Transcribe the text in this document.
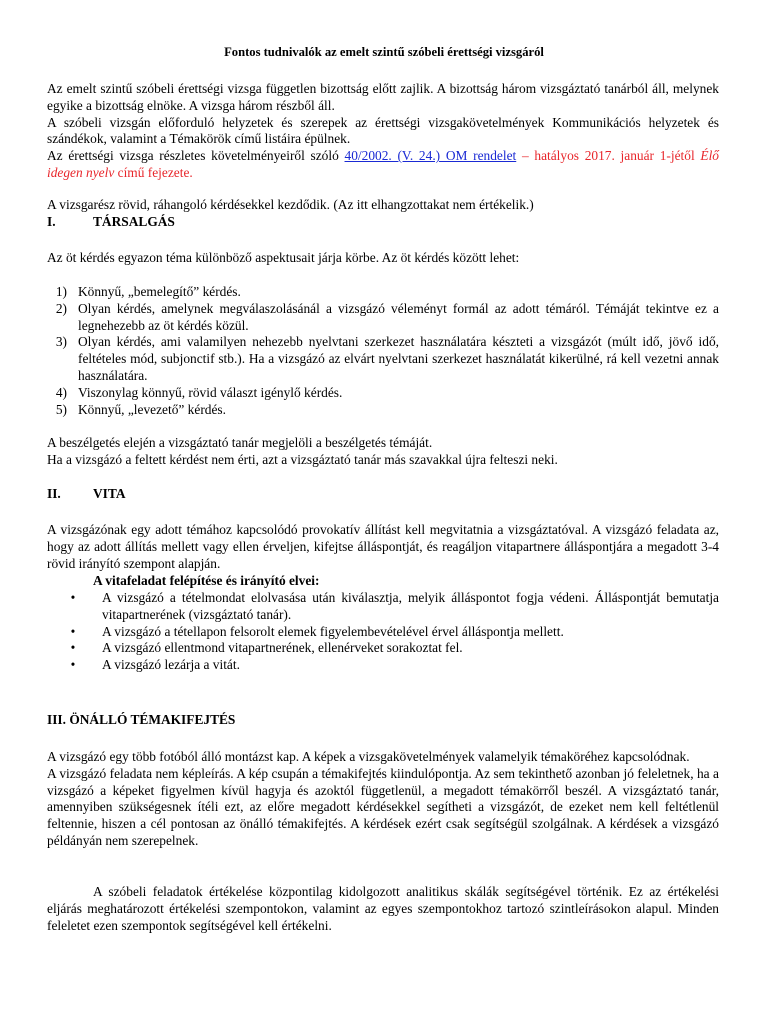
Fontos tudnivalók az emelt szintű szóbeli érettségi vizsgáról

Az emelt szintű szóbeli érettségi vizsga független bizottság előtt zajlik. A bizottság három vizsgáztató tanárból áll, melynek egyike a bizottság elnöke. A vizsga három részből áll.

A szóbeli vizsgán előforduló helyzetek és szerepek az érettségi vizsgakövetelmények Kommunikációs helyzetek és szándékok, valamint a Témakörök című listáira épülnek.

Az érettségi vizsga részletes követelményeiről szóló 40/2002. (V. 24.) OM rendelet – hatályos 2017. január 1-jétől Élő idegen nyelv című fejezete.

A vizsgarész rövid, ráhangoló kérdésekkel kezdődik. (Az itt elhangzottakat nem értékelik.)
I.	TÁRSALGÁS
Az öt kérdés egyazon téma különböző aspektusait járja körbe. Az öt kérdés között lehet:
1) Könnyű, „bemelegítő” kérdés.
2) Olyan kérdés, amelynek megválaszolásánál a vizsgázó véleményt formál az adott témáról. Témáját tekintve ez a legnehezebb az öt kérdés közül.
3) Olyan kérdés, ami valamilyen nehezebb nyelvtani szerkezet használatára készteti a vizsgázót (múlt idő, jövő idő, feltételes mód, subjonctif stb.). Ha a vizsgázó az elvárt nyelvtani szerkezet használatát kikerülné, rá kell vezetni annak használatára.
4) Viszonylag könnyű, rövid választ igénylő kérdés.
5) Könnyű, „levezető” kérdés.
A beszélgetés elején a vizsgáztató tanár megjelöli a beszélgetés témáját.
Ha a vizsgázó a feltett kérdést nem érti, azt a vizsgáztató tanár más szavakkal újra felteszi neki.
II. VITA
A vizsgázónak egy adott témához kapcsolódó provokatív állítást kell megvitatnia a vizsgáztatóval. A vizsgázó feladata az, hogy az adott állítás mellett vagy ellen érveljen, kifejtse álláspontját, és reagáljon vitapartnere álláspontjára a megadott 3-4 rövid irányító szempont alapján.
A vitafeladat felépítése és irányító elvei:
•	A vizsgázó a tételmondat elolvasása után kiválasztja, melyik álláspontot fogja védeni. Álláspontját bemutatja vitapartnerének (vizsgáztató tanár).
•	A vizsgázó a tétellapon felsorolt elemek figyelembevételével érvel álláspontja mellett.
•	A vizsgázó ellentmond vitapartnerének, ellenérveket sorakoztat fel.
•	A vizsgázó lezárja a vitát.
III. ÖNÁLLÓ TÉMAKIFEJTÉS

A vizsgázó egy több fotóból álló montázst kap. A képek a vizsgakövetelmények valamelyik témaköréhez kapcsolódnak.

A vizsgázó feladata nem képleírás. A kép csupán a témakifejtés kiindulópontja. Az sem tekinthető azonban jó feleletnek, ha a vizsgázó a képeket figyelmen kívül hagyja és azoktól függetlenül, a megadott témakörről beszél. A vizsgáztató tanár, amennyiben szükségesnek ítéli ezt, az előre megadott kérdésekkel segítheti a vizsgázót, de ezeket nem kell feltétlenül feltennie, hiszen a cél pontosan az önálló témakifejtés. A kérdések ezért csak segítségül szolgálnak. A kérdések a vizsgázó példányán nem szerepelnek.

A szóbeli feladatok értékelése központilag kidolgozott analitikus skálák segítségével történik. Ez az értékelési eljárás meghatározott értékelési szempontokon, valamint az egyes szempontokhoz tartozó szintleírásokon alapul. Minden feleletet ezen szempontok segítségével kell értékelni.
